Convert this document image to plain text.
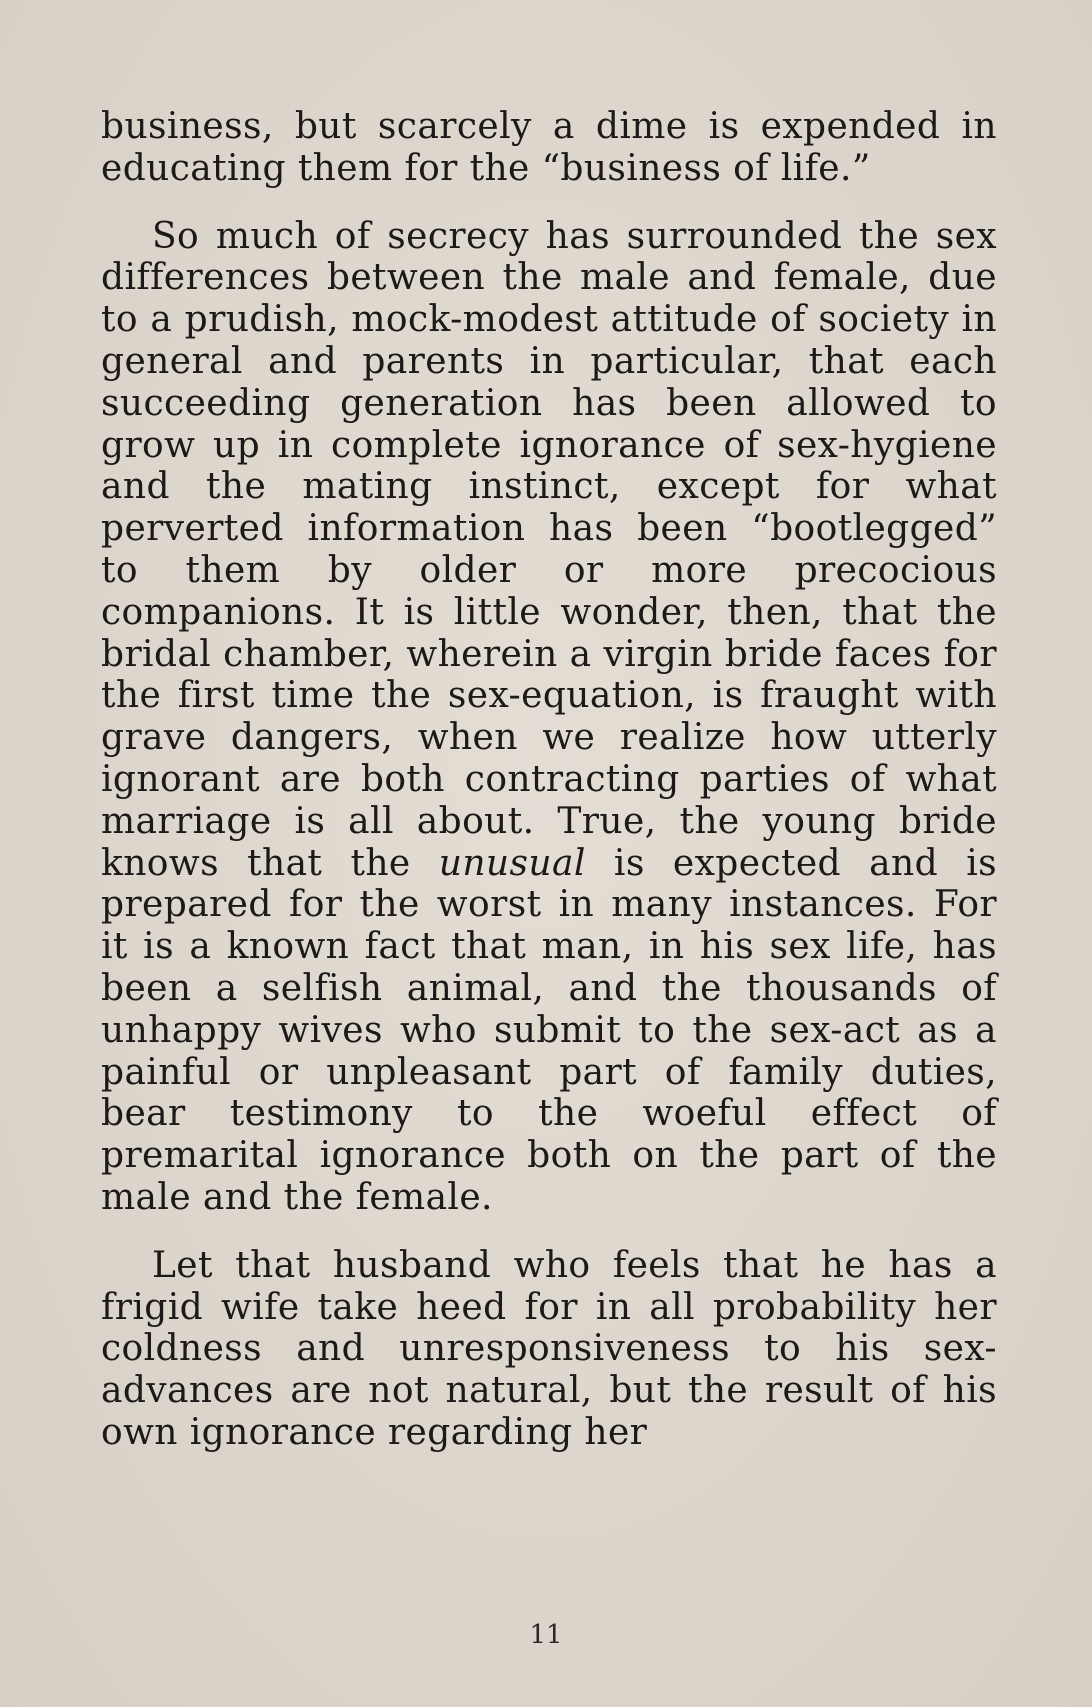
business, but scarcely a dime is expended in educating them for the “business of life.”

So much of secrecy has surrounded the sex differences between the male and female, due to a prudish, mock-modest attitude of society in general and parents in particular, that each succeeding generation has been allowed to grow up in complete ignorance of sex-hygiene and the mating instinct, except for what perverted information has been “bootlegged” to them by older or more precocious companions. It is little wonder, then, that the bridal chamber, wherein a virgin bride faces for the first time the sex-equation, is fraught with grave dangers, when we realize how utterly ignorant are both contracting parties of what marriage is all about. True, the young bride knows that the unusual is expected and is prepared for the worst in many instances. For it is a known fact that man, in his sex life, has been a selfish animal, and the thousands of unhappy wives who submit to the sex-act as a painful or unpleasant part of family duties, bear testimony to the woeful effect of premarital ignorance both on the part of the male and the female.

Let that husband who feels that he has a frigid wife take heed for in all probability her coldness and unresponsiveness to his sex-advances are not natural, but the result of his own ignorance regarding her

11
